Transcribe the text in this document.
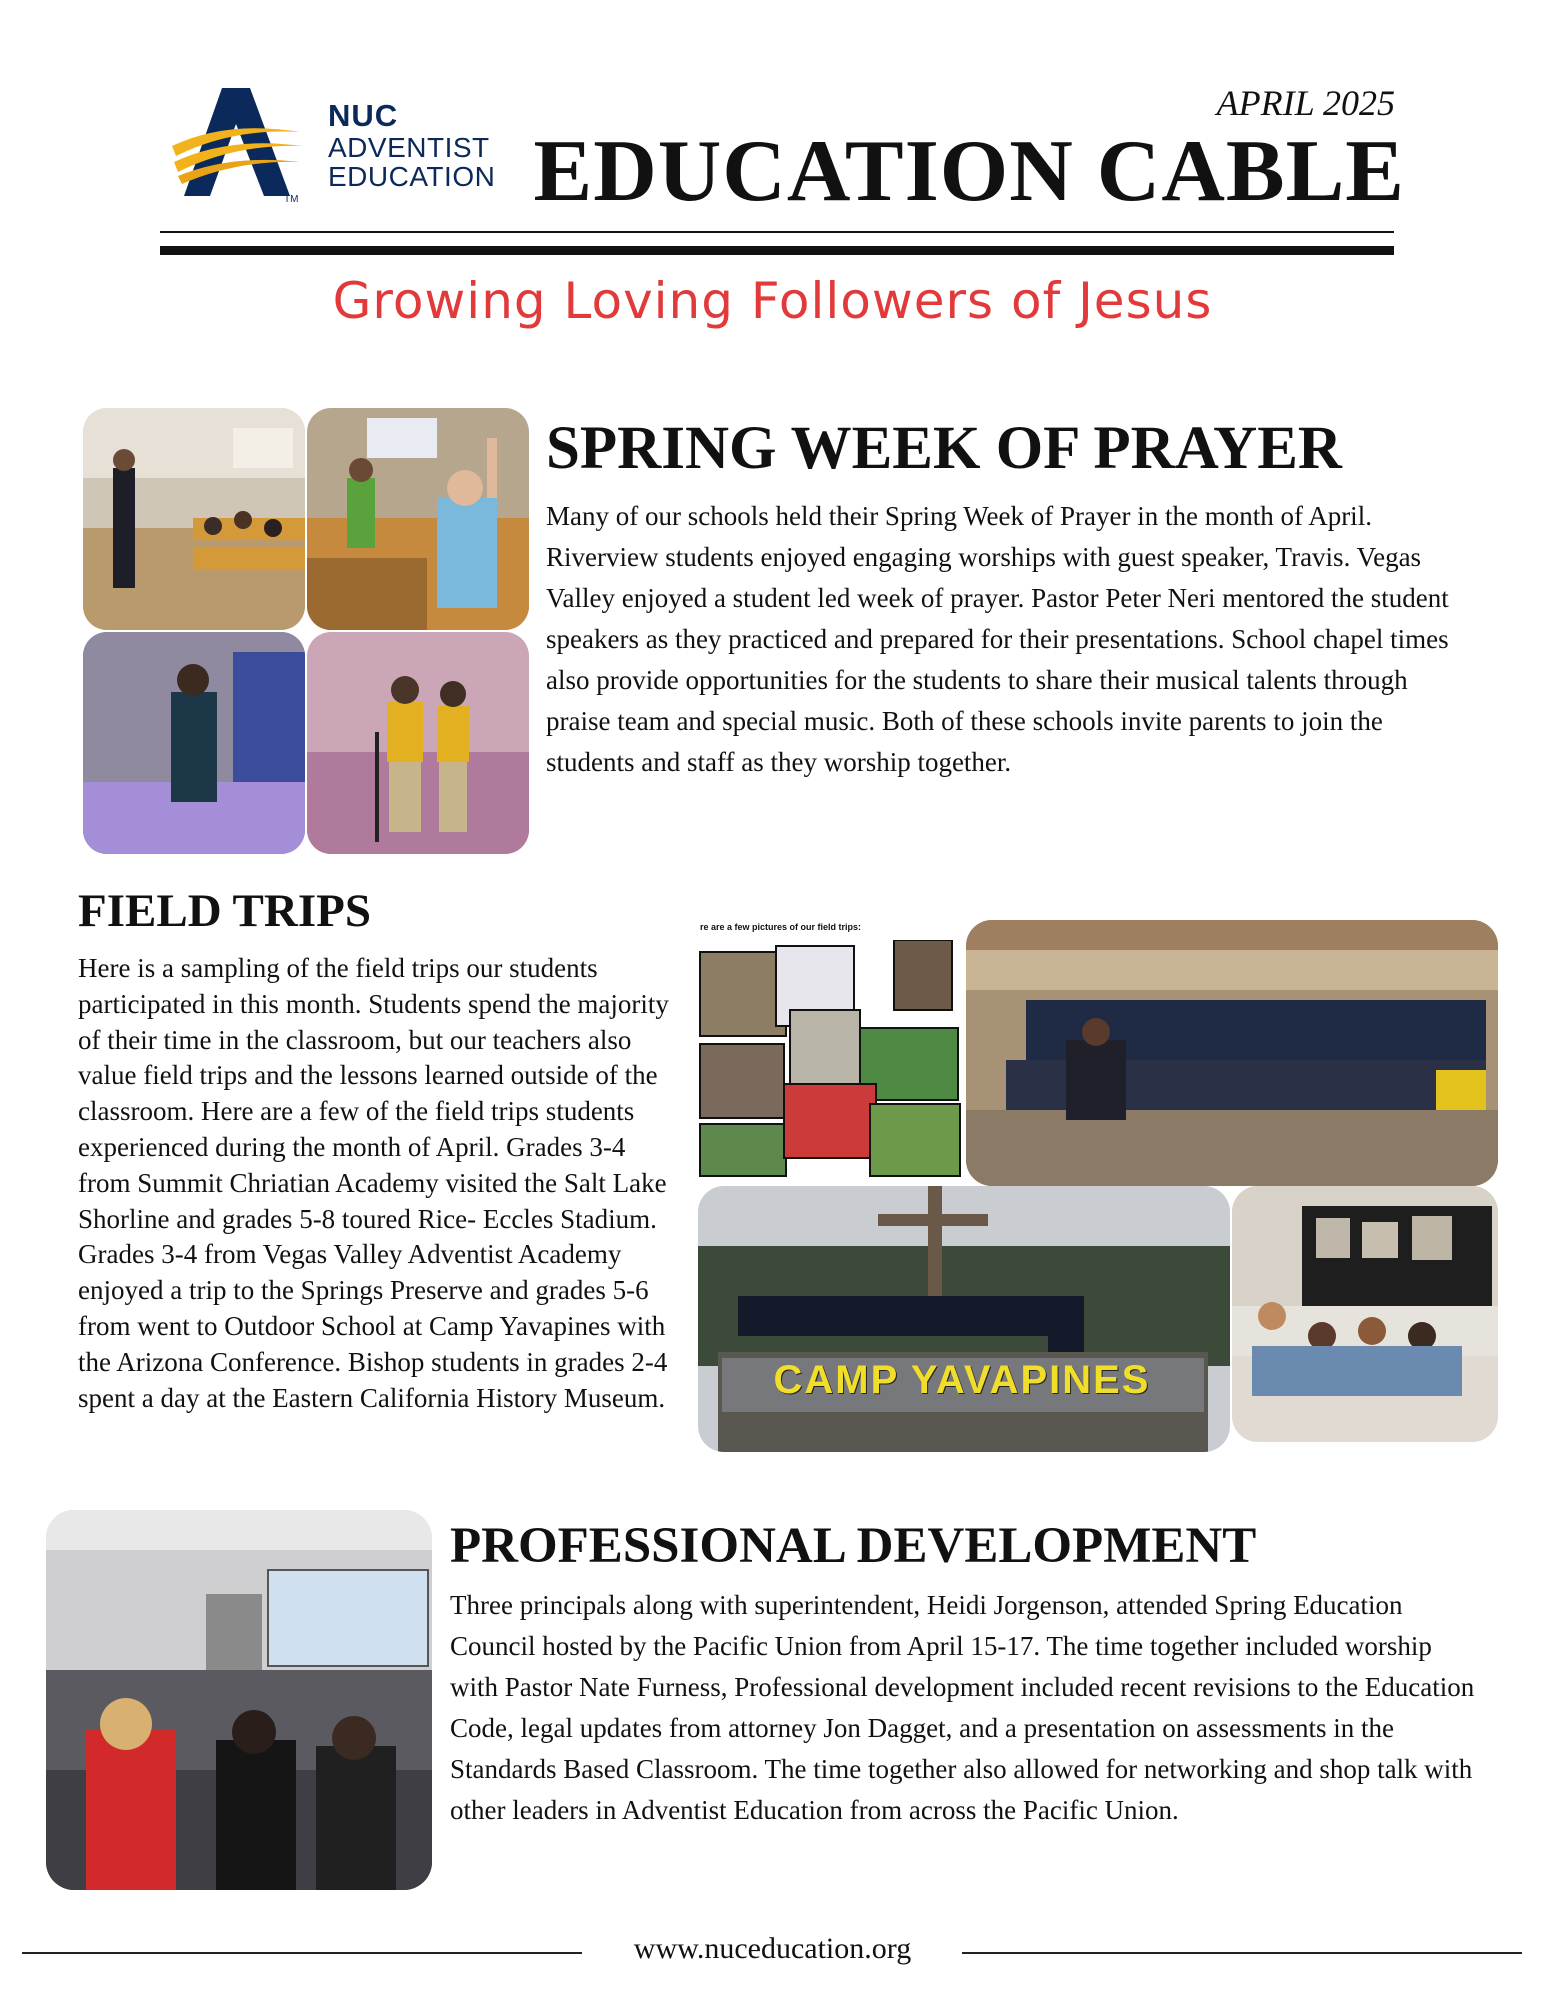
TM
NUC
ADVENTIST
EDUCATION
APRIL 2025
EDUCATION CABLE
Growing Loving Followers of Jesus
SPRING WEEK OF PRAYER
Many of our schools held their Spring Week of Prayer in the month of April. Riverview students enjoyed engaging worships with guest speaker, Travis. Vegas Valley enjoyed a student led week of prayer. Pastor Peter Neri mentored the student speakers as they practiced and prepared for their presentations. School chapel times also provide opportunities for the students to share their musical talents through praise team and special music. Both of these schools invite parents to join the students and staff as they worship together.
FIELD TRIPS
Here is a sampling of the field trips our students participated in this month. Students spend the majority of their time in the classroom, but our teachers also value field trips and the lessons learned outside of the classroom. Here are a few of the field trips students experienced during the month of April. Grades 3-4 from Summit Chriatian Academy visited the Salt Lake Shorline and grades 5-8 toured Rice- Eccles Stadium. Grades 3-4 from Vegas Valley Adventist Academy enjoyed a trip to the Springs Preserve and grades 5-6 from went to Outdoor School at Camp Yavapines with the Arizona Conference. Bishop students in grades 2-4 spent a day at the Eastern California History Museum.
re are a few pictures of our field trips:
CAMP YAVAPINES
PROFESSIONAL DEVELOPMENT
Three principals along with superintendent, Heidi Jorgenson, attended Spring Education Council hosted by the Pacific Union from April 15-17. The time together included worship with Pastor Nate Furness, Professional development included recent revisions to the Education Code, legal updates from attorney Jon Dagget, and a presentation on assessments in the Standards Based Classroom. The time together also allowed for networking and shop talk with other leaders in Adventist Education from across the Pacific Union.
www.nuceducation.org
